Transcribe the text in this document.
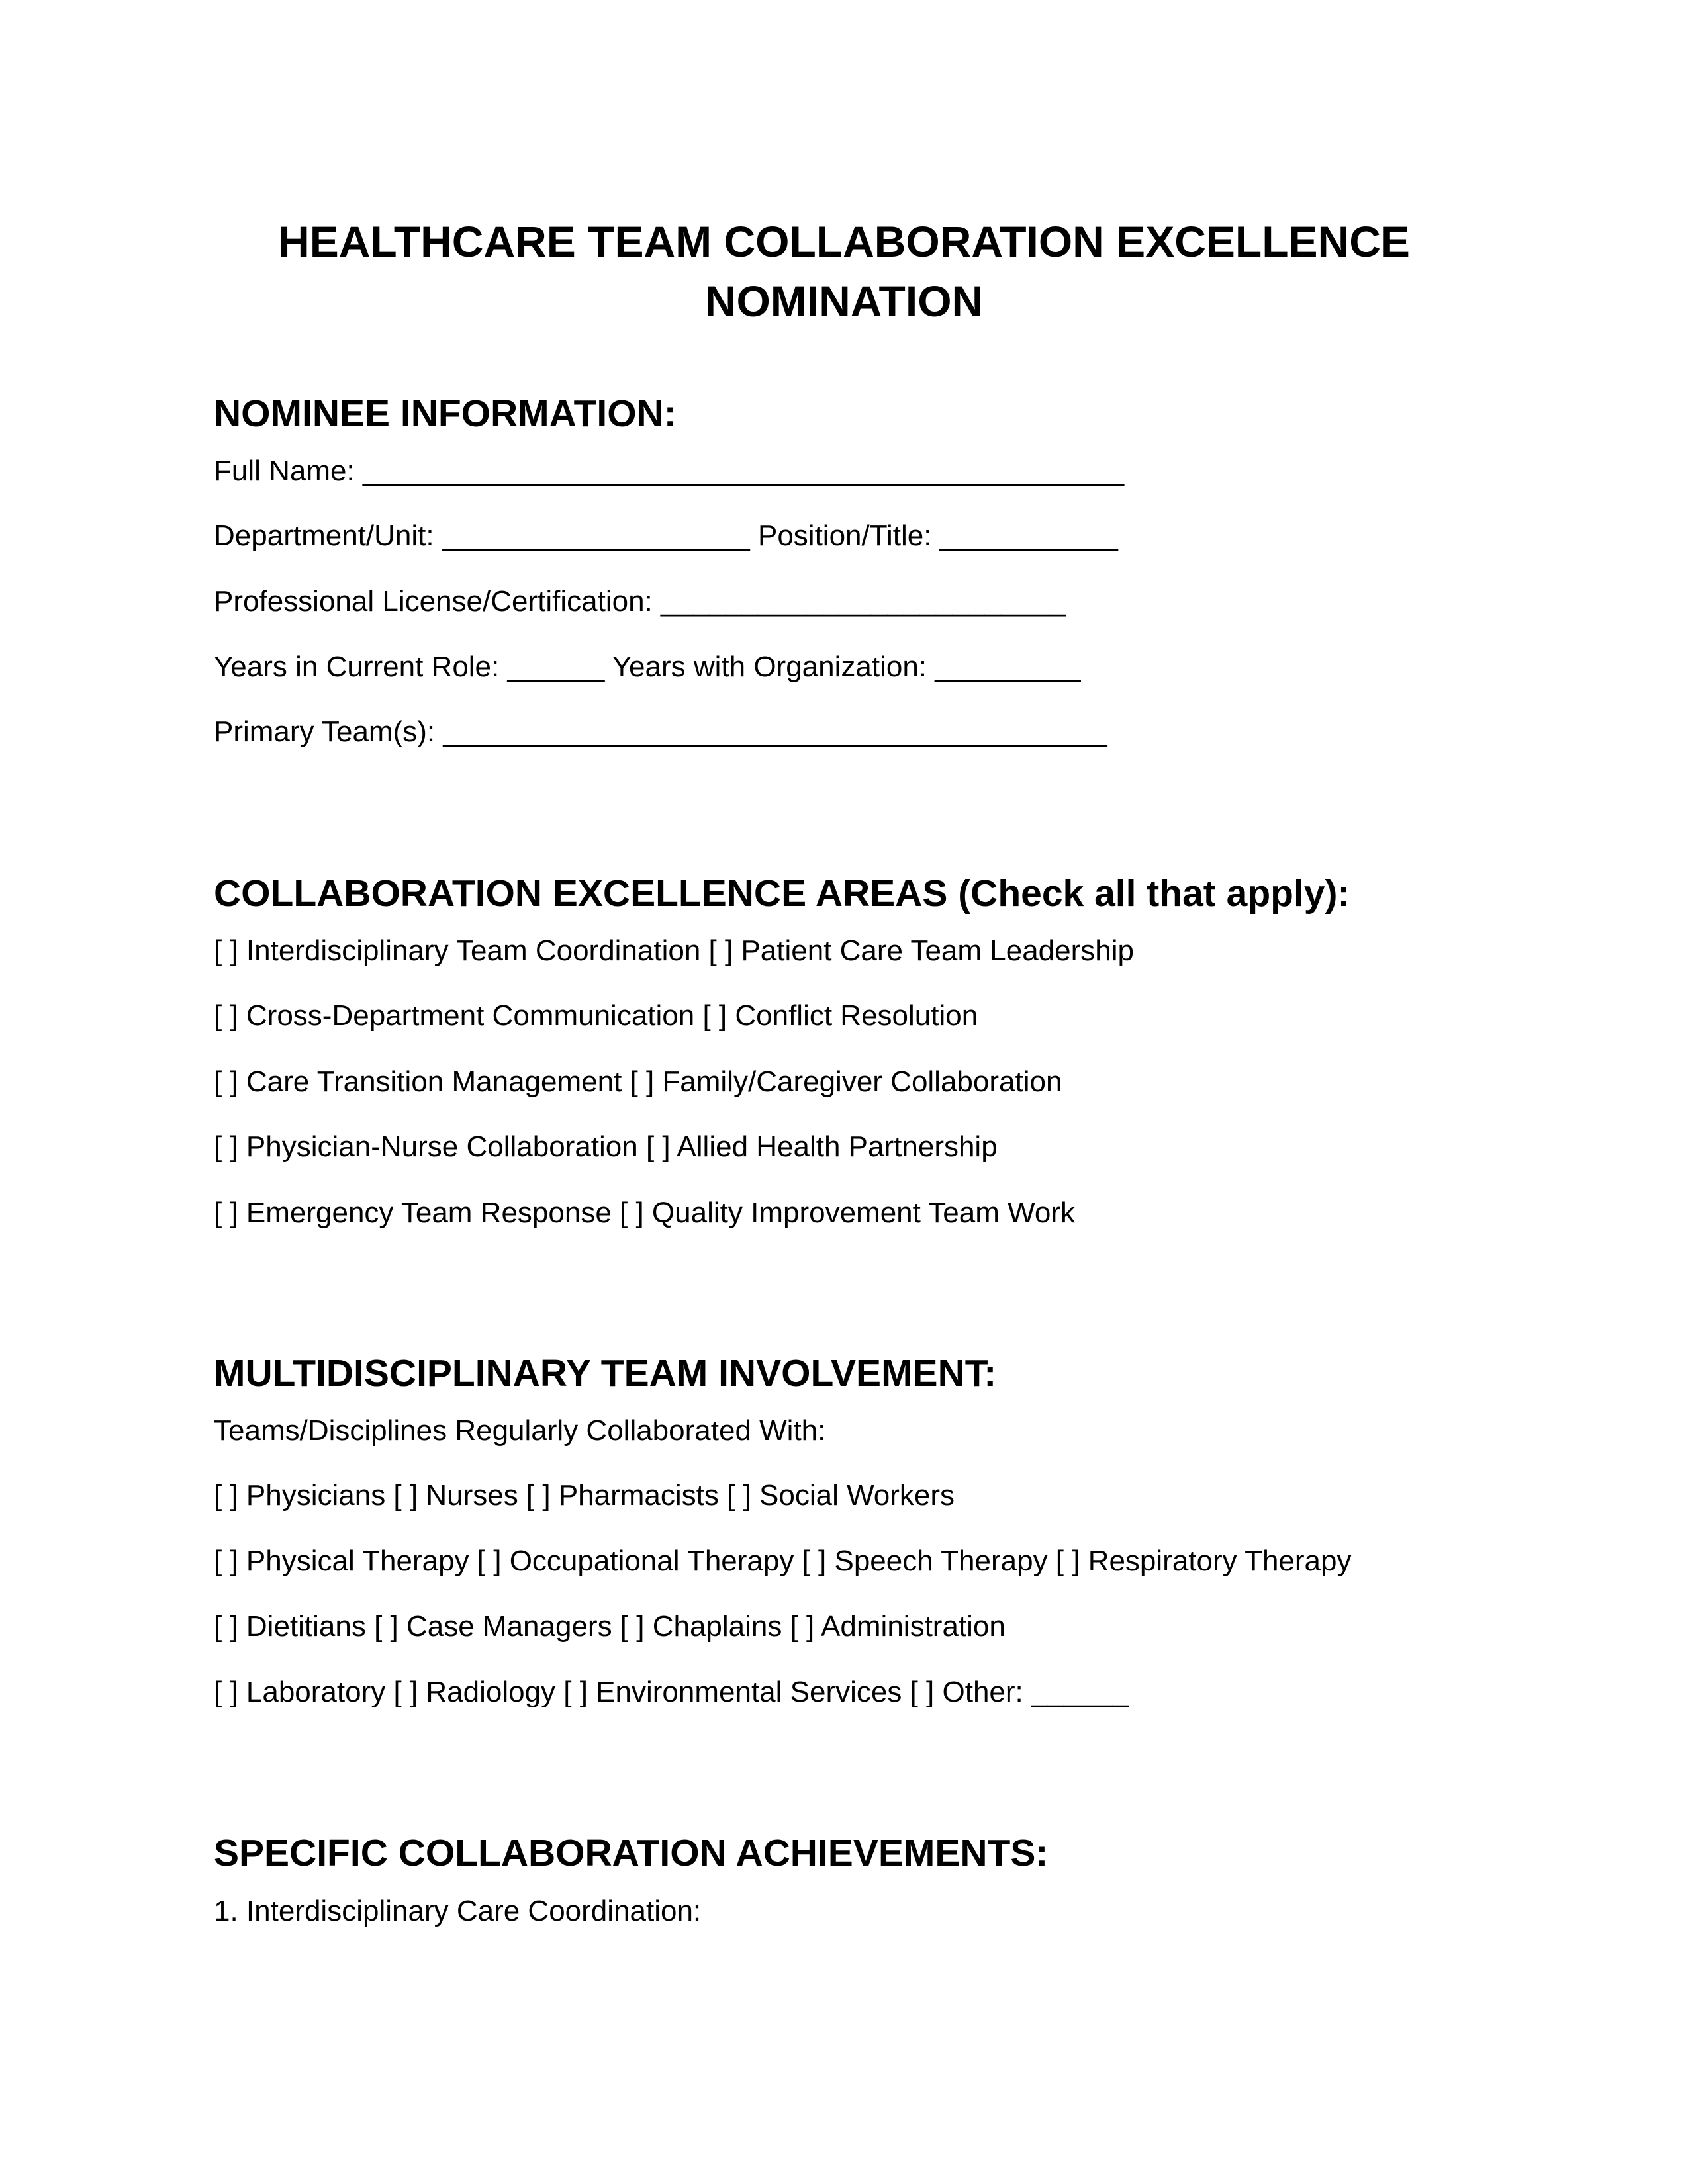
HEALTHCARE TEAM COLLABORATION EXCELLENCE
NOMINATION
NOMINEE INFORMATION:
Full Name: _______________________________________________
Department/Unit: ___________________ Position/Title: ___________
Professional License/Certification: _________________________
Years in Current Role: ______ Years with Organization: _________
Primary Team(s): _________________________________________
COLLABORATION EXCELLENCE AREAS (Check all that apply):
[ ] Interdisciplinary Team Coordination [ ] Patient Care Team Leadership
[ ] Cross-Department Communication [ ] Conflict Resolution
[ ] Care Transition Management [ ] Family/Caregiver Collaboration
[ ] Physician-Nurse Collaboration [ ] Allied Health Partnership
[ ] Emergency Team Response [ ] Quality Improvement Team Work
MULTIDISCIPLINARY TEAM INVOLVEMENT:
Teams/Disciplines Regularly Collaborated With:
[ ] Physicians [ ] Nurses [ ] Pharmacists [ ] Social Workers
[ ] Physical Therapy [ ] Occupational Therapy [ ] Speech Therapy [ ] Respiratory Therapy
[ ] Dietitians [ ] Case Managers [ ] Chaplains [ ] Administration
[ ] Laboratory [ ] Radiology [ ] Environmental Services [ ] Other: ______
SPECIFIC COLLABORATION ACHIEVEMENTS:
1. Interdisciplinary Care Coordination:
